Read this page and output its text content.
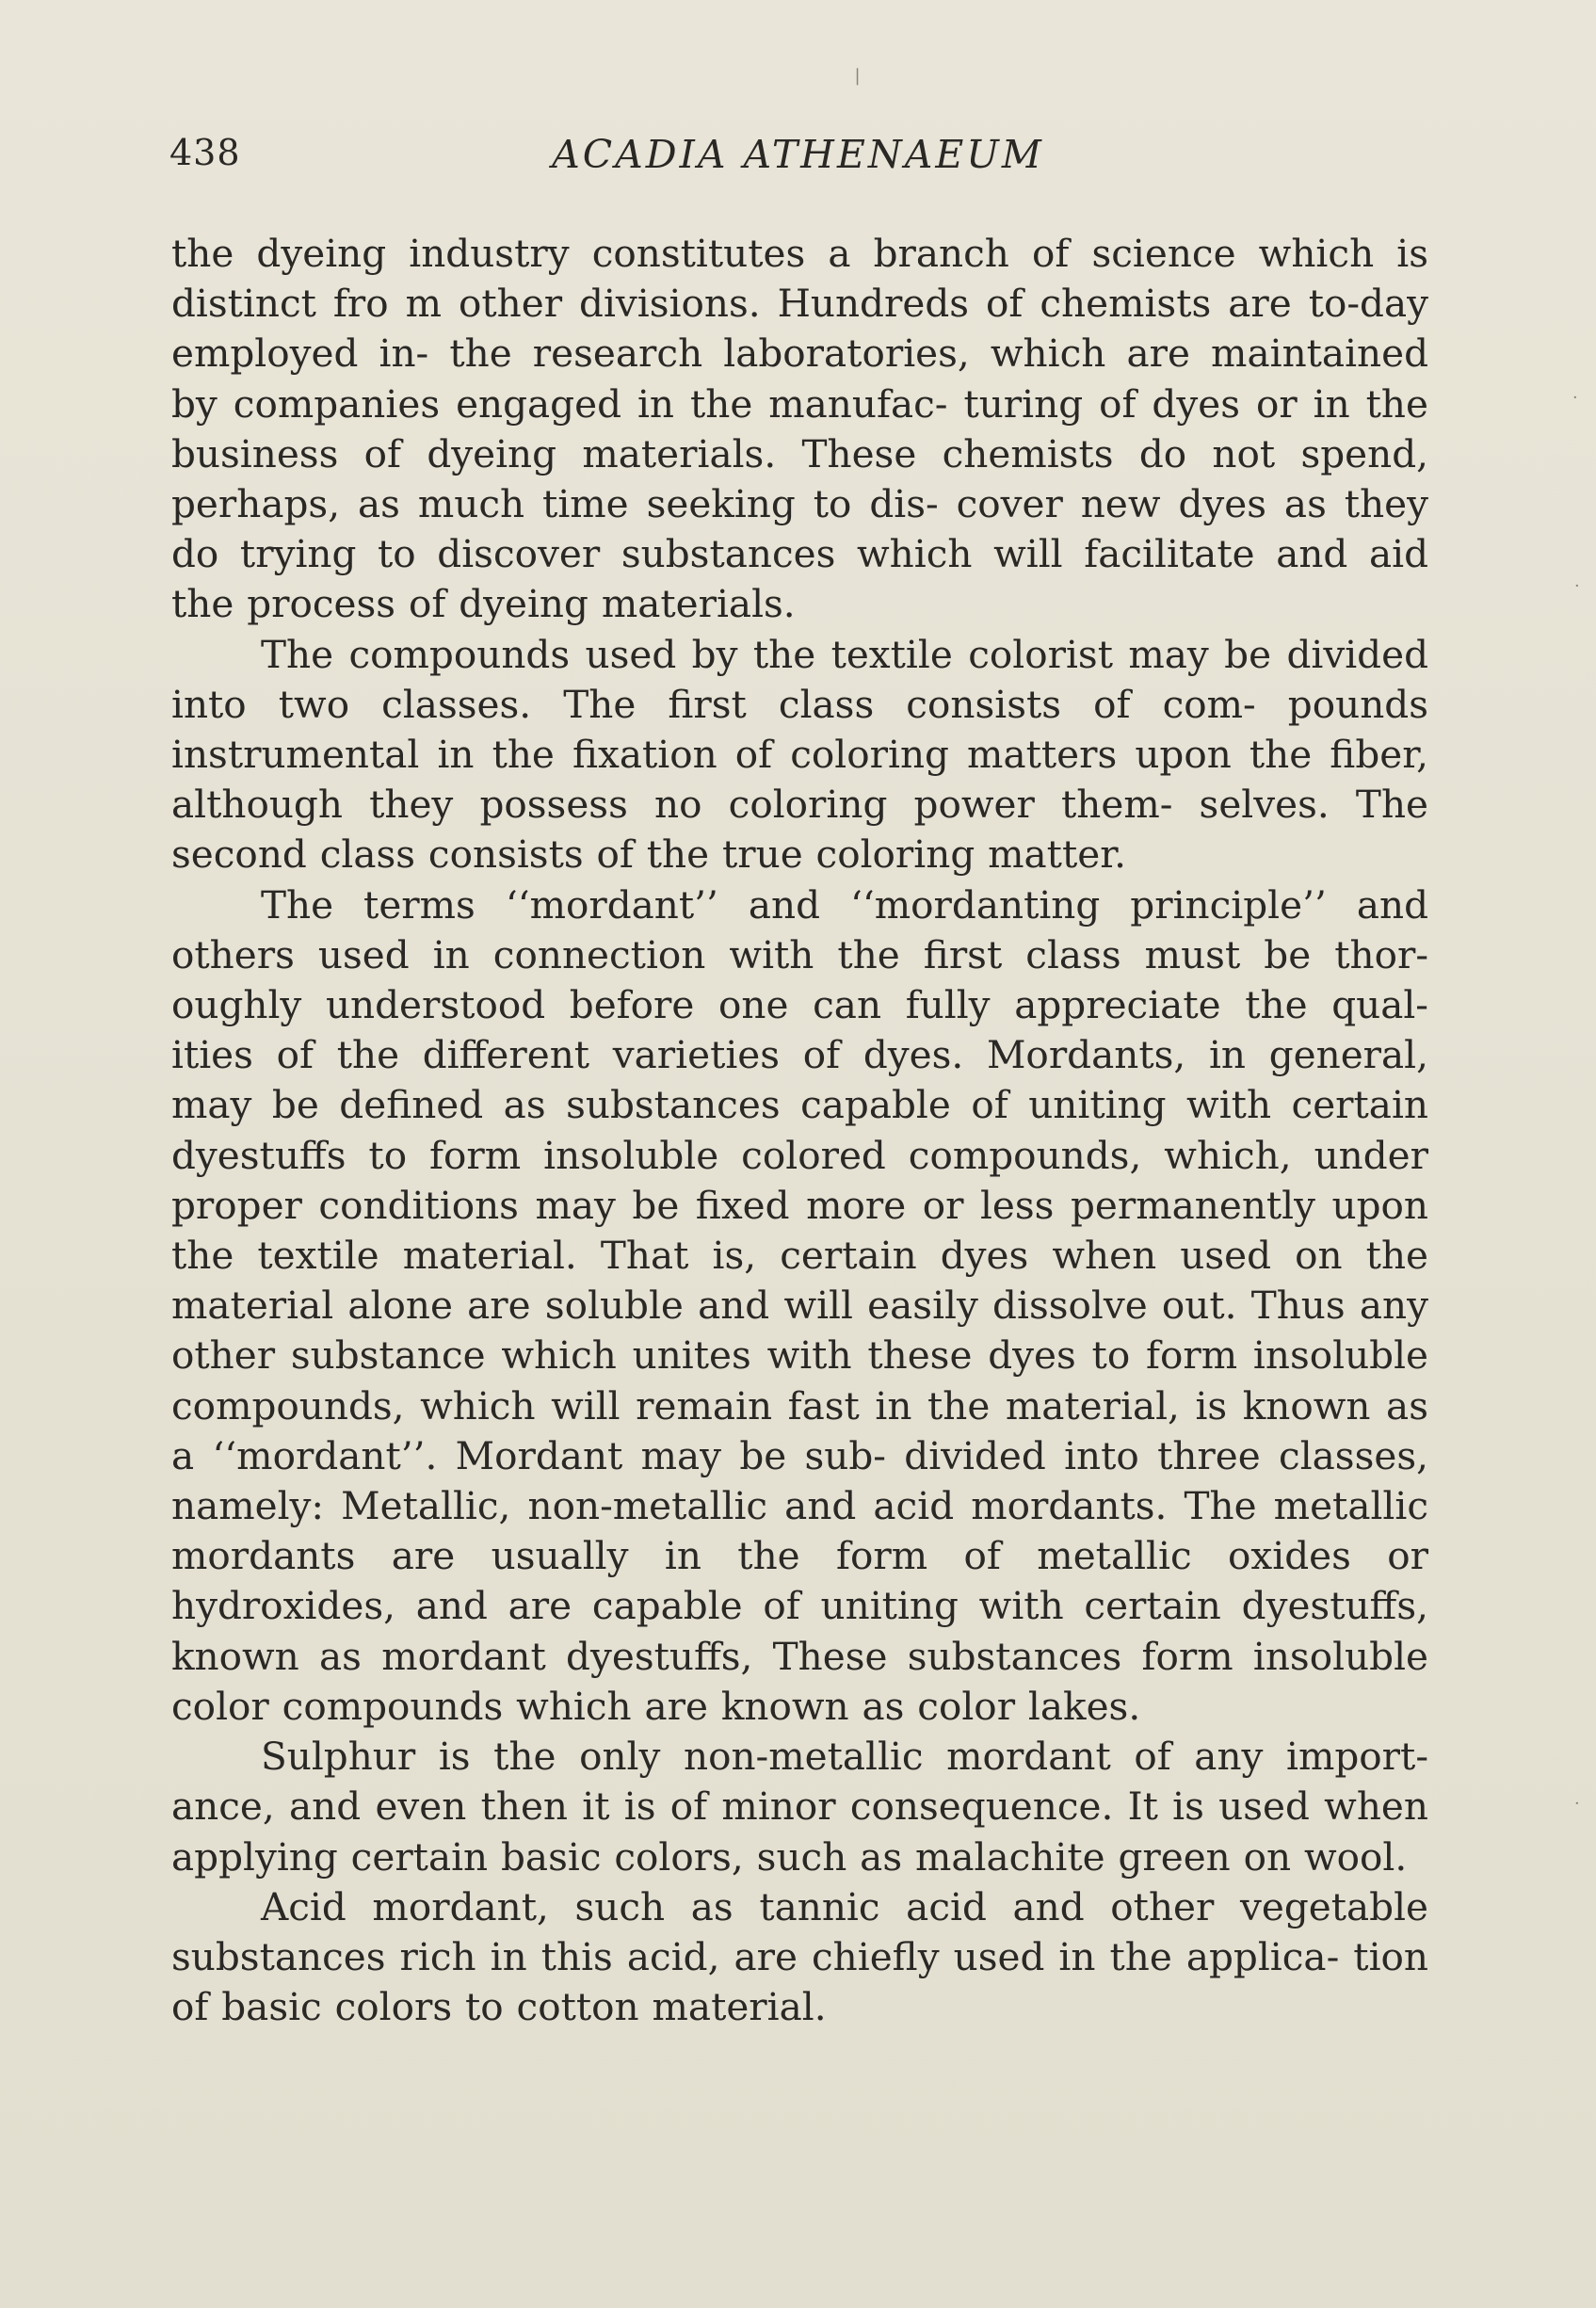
438	ACADIA ATHENAEUM

the dyeing industry constitutes a branch of science which is distinct fro m other divisions. Hundreds of chemists are to-day employed in- the research laboratories, which are maintained by companies engaged in the manufac- turing of dyes or in the business of dyeing materials. These chemists do not spend, perhaps, as much time seeking to dis- cover new dyes as they do trying to discover substances which will facilitate and aid the process of dyeing materials.

The compounds used by the textile colorist may be divided into two classes. The first class consists of com- pounds instrumental in the fixation of coloring matters upon the fiber, although they possess no coloring power them- selves. The second class consists of the true coloring matter.

The terms ‘‘mordant’’ and ‘‘mordanting principle’’ and others used in connection with the first class must be thor- oughly understood before one can fully appreciate the qual- ities of the different varieties of dyes. Mordants, in general, may be defined as substances capable of uniting with certain dyestuffs to form insoluble colored compounds, which, under proper conditions may be fixed more or less permanently upon the textile material. That is, certain dyes when used on the material alone are soluble and will easily dissolve out. Thus any other substance which unites with these dyes to form insoluble compounds, which will remain fast in the material, is known as a ‘‘mordant’’. Mordant may be sub- divided into three classes, namely: Metallic, non-metallic and acid mordants. The metallic mordants are usually in the form of metallic oxides or hydroxides, and are capable of uniting with certain dyestuffs, known as mordant dyestuffs, These substances form insoluble color compounds which are known as color lakes.

Sulphur is the only non-metallic mordant of any import- ance, and even then it is of minor consequence. It is used when applying certain basic colors, such as malachite green on wool.

Acid mordant, such as tannic acid and other vegetable substances rich in this acid, are chiefly used in the applica- tion of basic colors to cotton material.

❘
·
·
·
